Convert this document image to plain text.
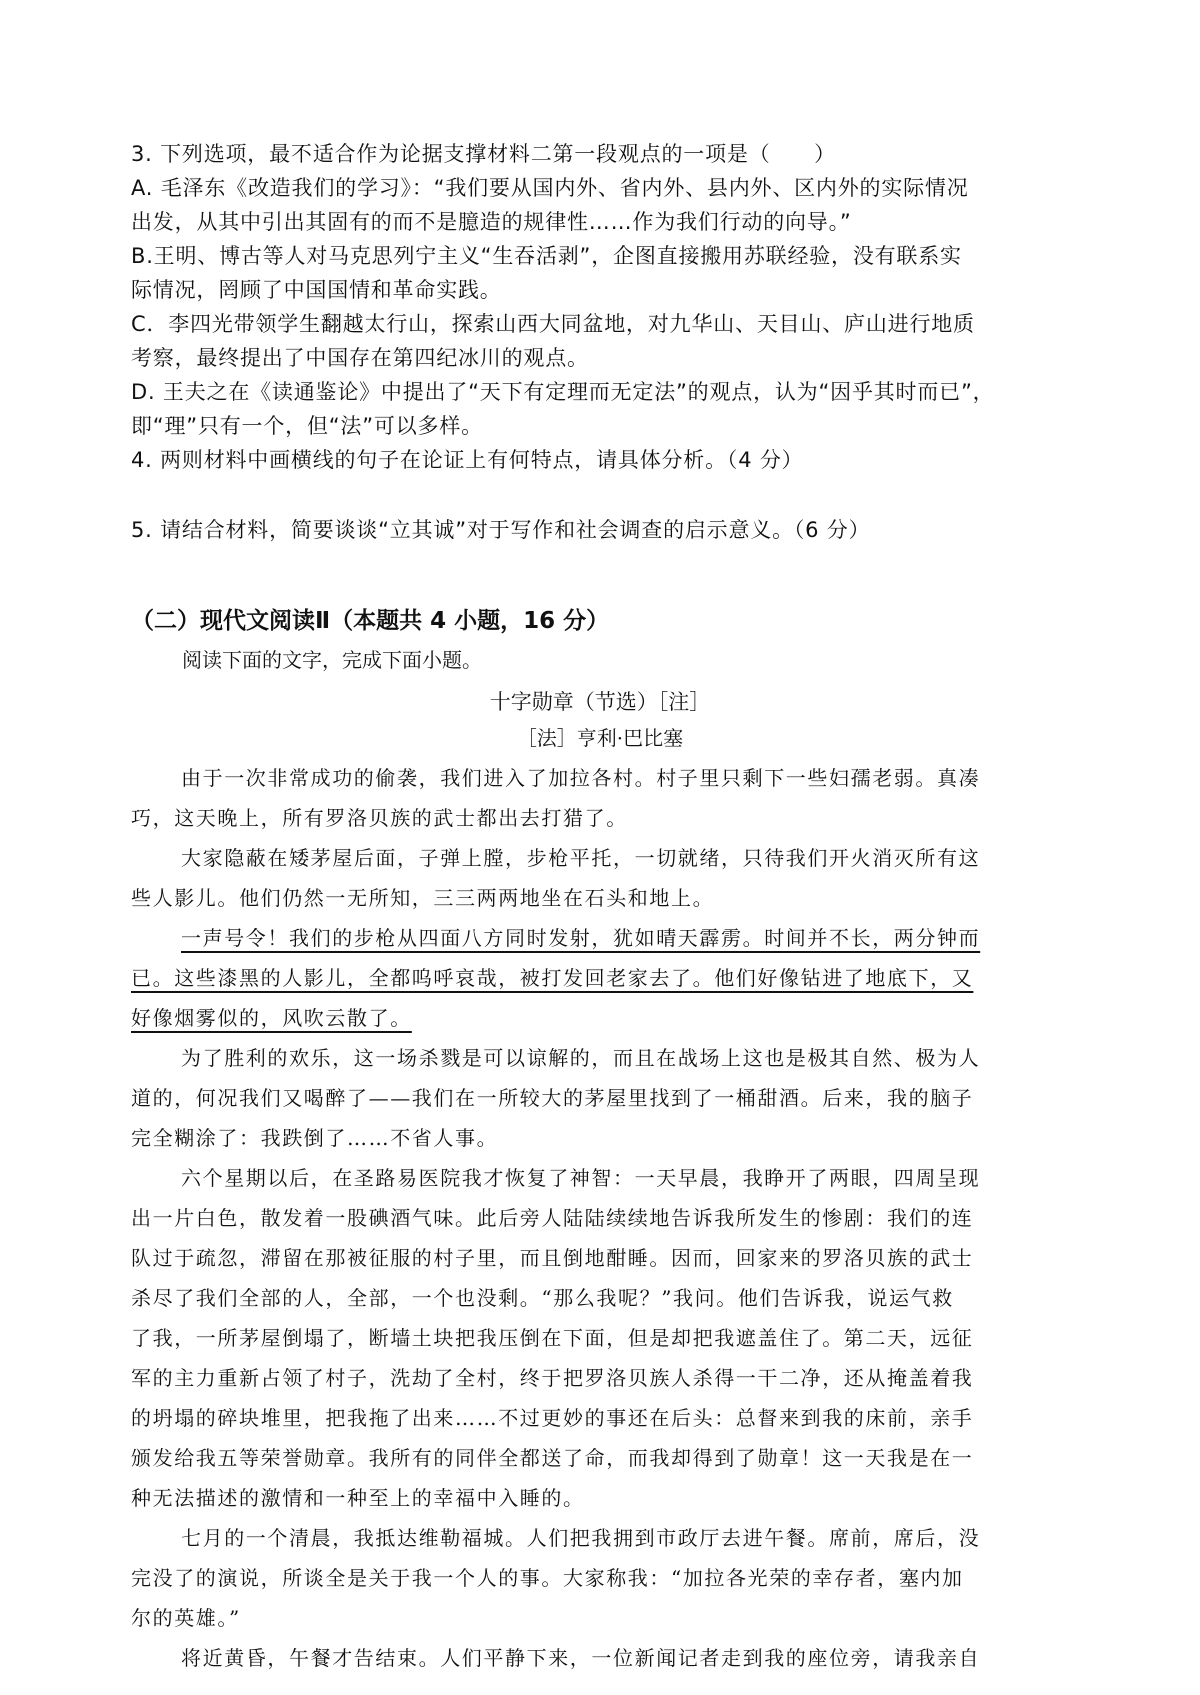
3. 下列选项，最不适合作为论据支撑材料二第一段观点的一项是（　　）
A. 毛泽东《改造我们的学习》：“我们要从国内外、省内外、县内外、区内外的实际情况
出发，从其中引出其固有的而不是臆造的规律性……作为我们行动的向导。”
B.王明、博古等人对马克思列宁主义“生吞活剥”，企图直接搬用苏联经验，没有联系实
际情况，罔顾了中国国情和革命实践。
C．李四光带领学生翻越太行山，探索山西大同盆地，对九华山、天目山、庐山进行地质
考察，最终提出了中国存在第四纪冰川的观点。
D. 王夫之在《读通鉴论》中提出了“天下有定理而无定法”的观点，认为“因乎其时而已”，
即“理”只有一个，但“法”可以多样。
4. 两则材料中画横线的句子在论证上有何特点，请具体分析。（4 分）
5. 请结合材料，简要谈谈“立其诚”对于写作和社会调查的启示意义。（6 分）
（二）现代文阅读Ⅱ（本题共 4 小题，16 分）
阅读下面的文字，完成下面小题。
十字勋章（节选）［注］
［法］亨利·巴比塞
由于一次非常成功的偷袭，我们进入了加拉各村。村子里只剩下一些妇孺老弱。真凑
巧，这天晚上，所有罗洛贝族的武士都出去打猎了。
大家隐蔽在矮茅屋后面，子弹上膛，步枪平托，一切就绪，只待我们开火消灭所有这
些人影儿。他们仍然一无所知，三三两两地坐在石头和地上。
一声号令！我们的步枪从四面八方同时发射，犹如晴天霹雳。时间并不长，两分钟而
已。这些漆黑的人影儿，全都呜呼哀哉，被打发回老家去了。他们好像钻进了地底下，又
好像烟雾似的，风吹云散了。
为了胜利的欢乐，这一场杀戮是可以谅解的，而且在战场上这也是极其自然、极为人
道的，何况我们又喝醉了——我们在一所较大的茅屋里找到了一桶甜酒。后来，我的脑子
完全糊涂了：我跌倒了……不省人事。
六个星期以后，在圣路易医院我才恢复了神智：一天早晨，我睁开了两眼，四周呈现
出一片白色，散发着一股碘酒气味。此后旁人陆陆续续地告诉我所发生的惨剧：我们的连
队过于疏忽，滞留在那被征服的村子里，而且倒地酣睡。因而，回家来的罗洛贝族的武士
杀尽了我们全部的人，全部，一个也没剩。“那么我呢？”我问。他们告诉我，说运气救
了我，一所茅屋倒塌了，断墙土块把我压倒在下面，但是却把我遮盖住了。第二天，远征
军的主力重新占领了村子，洗劫了全村，终于把罗洛贝族人杀得一干二净，还从掩盖着我
的坍塌的碎块堆里，把我拖了出来……不过更妙的事还在后头：总督来到我的床前，亲手
颁发给我五等荣誉勋章。我所有的同伴全都送了命，而我却得到了勋章！这一天我是在一
种无法描述的激情和一种至上的幸福中入睡的。
七月的一个清晨，我抵达维勒福城。人们把我拥到市政厅去进午餐。席前，席后，没
完没了的演说，所谈全是关于我一个人的事。大家称我：“加拉各光荣的幸存者，塞内加
尔的英雄。”
将近黄昏，午餐才告结束。人们平静下来，一位新闻记者走到我的座位旁，请我亲自
